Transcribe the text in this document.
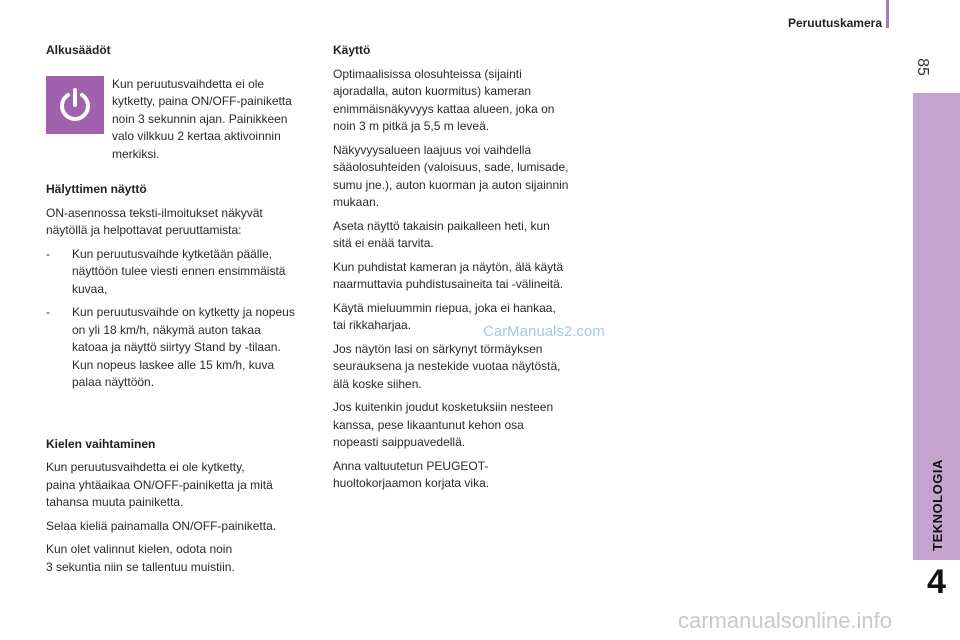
Peruutuskamera
85
TEKNOLOGIA
4
Alkusäädöt
Kun peruutusvaihdetta ei ole
kytketty, paina ON/OFF-painiketta
noin 3 sekunnin ajan. Painikkeen
valo vilkkuu 2 kertaa aktivoinnin
merkiksi.
Hälyttimen näyttö

ON-asennossa teksti-ilmoitukset näkyvät
näytöllä ja helpottavat peruuttamista:

- Kun peruutusvaihde kytketään päälle,
näyttöön tulee viesti ennen ensimmäistä
kuvaa,
- Kun peruutusvaihde on kytketty ja nopeus
on yli 18 km/h, näkymä auton takaa
katoaa ja näyttö siirtyy Stand by -tilaan.
Kun nopeus laskee alle 15 km/h, kuva
palaa näyttöön.
Kielen vaihtaminen

Kun peruutusvaihdetta ei ole kytketty,
paina yhtäaikaa ON/OFF-painiketta ja mitä
tahansa muuta painiketta.

Selaa kieliä painamalla ON/OFF-painiketta.

Kun olet valinnut kielen, odota noin
3 sekuntia niin se tallentuu muistiin.

Käyttö

Optimaalisissa olosuhteissa (sijainti
ajoradalla, auton kuormitus) kameran
enimmäisnäkyvyys kattaa alueen, joka on
noin 3 m pitkä ja 5,5 m leveä.

Näkyvyysalueen laajuus voi vaihdella
sääolosuhteiden (valoisuus, sade, lumisade,
sumu jne.), auton kuorman ja auton sijainnin
mukaan.

Aseta näyttö takaisin paikalleen heti, kun
sitä ei enää tarvita.

Kun puhdistat kameran ja näytön, älä käytä
naarmuttavia puhdistusaineita tai -välineitä.

Käytä mieluummin riepua, joka ei hankaa,
tai rikkaharjaa.

Jos näytön lasi on särkynyt törmäyksen
seurauksena ja nestekide vuotaa näytöstä,
älä koske siihen.

Jos kuitenkin joudut kosketuksiin nesteen
kanssa, pese likaantunut kehon osa
nopeasti saippuavedellä.

Anna valtuutetun PEUGEOT-
huoltokorjaamon korjata vika.

CarManuals2.com
carmanualsonline.info
